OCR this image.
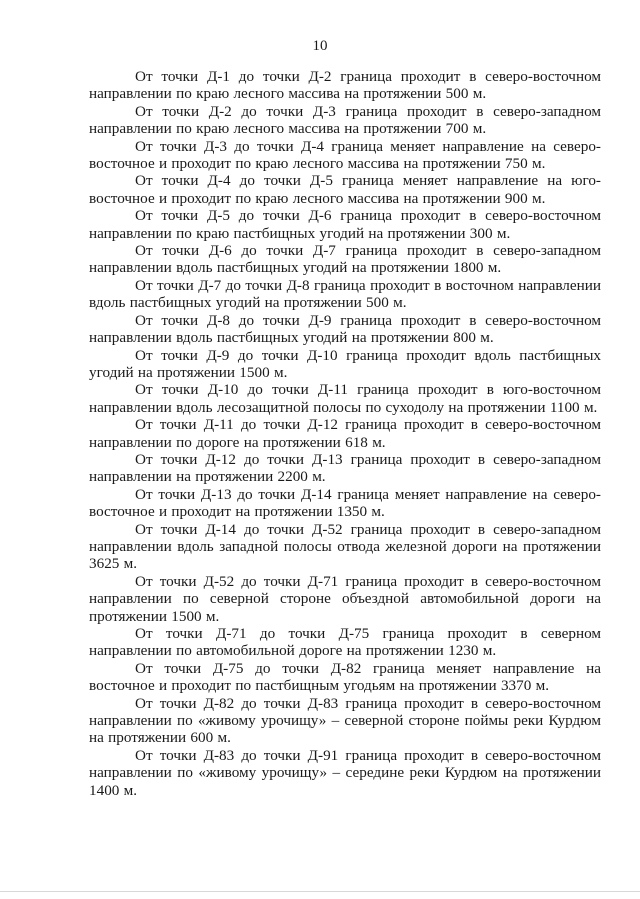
10

От точки Д-1 до точки Д-2 граница проходит в северо-восточном направлении по краю лесного массива на протяжении 500 м.

От точки Д-2 до точки Д-3 граница проходит в северо-западном направлении по краю лесного массива на протяжении 700 м.

От точки Д-3 до точки Д-4 граница меняет направление на северо-восточное и проходит по краю лесного массива на протяжении 750 м.

От точки Д-4 до точки Д-5 граница меняет направление на юго-восточное и проходит по краю лесного массива на протяжении 900 м.

От точки Д-5 до точки Д-6 граница проходит в северо-восточном направлении по краю пастбищных угодий на протяжении 300 м.

От точки Д-6 до точки Д-7 граница проходит в северо-западном направлении вдоль пастбищных угодий на протяжении 1800 м.

От точки Д-7 до точки Д-8 граница проходит в восточном направлении вдоль пастбищных угодий на протяжении 500 м.

От точки Д-8 до точки Д-9 граница проходит в северо-восточном направлении вдоль пастбищных угодий на протяжении 800 м.

От точки Д-9 до точки Д-10 граница проходит вдоль пастбищных угодий на протяжении 1500 м.

От точки Д-10 до точки Д-11 граница проходит в юго-восточном направлении вдоль лесозащитной полосы по суходолу на протяжении 1100 м.

От точки Д-11 до точки Д-12 граница проходит в северо-восточном направлении по дороге на протяжении 618 м.

От точки Д-12 до точки Д-13 граница проходит в северо-западном направлении на протяжении 2200 м.

От точки Д-13 до точки Д-14 граница меняет направление на северо-восточное и проходит на протяжении 1350 м.

От точки Д-14 до точки Д-52 граница проходит в северо-западном направлении вдоль западной полосы отвода железной дороги на протяжении 3625 м.

От точки Д-52 до точки Д-71 граница проходит в северо-восточном направлении по северной стороне объездной автомобильной дороги на протяжении 1500 м.

От точки Д-71 до точки Д-75 граница проходит в северном направлении по автомобильной дороге на протяжении 1230 м.

От точки Д-75 до точки Д-82 граница меняет направление на восточное и проходит по пастбищным угодьям на протяжении 3370 м.

От точки Д-82 до точки Д-83 граница проходит в северо-восточном направлении по «живому урочищу» – северной стороне поймы реки Курдюм на протяжении 600 м.

От точки Д-83 до точки Д-91 граница проходит в северо-восточном направлении по «живому урочищу» – середине реки Курдюм на протяжении 1400 м.
